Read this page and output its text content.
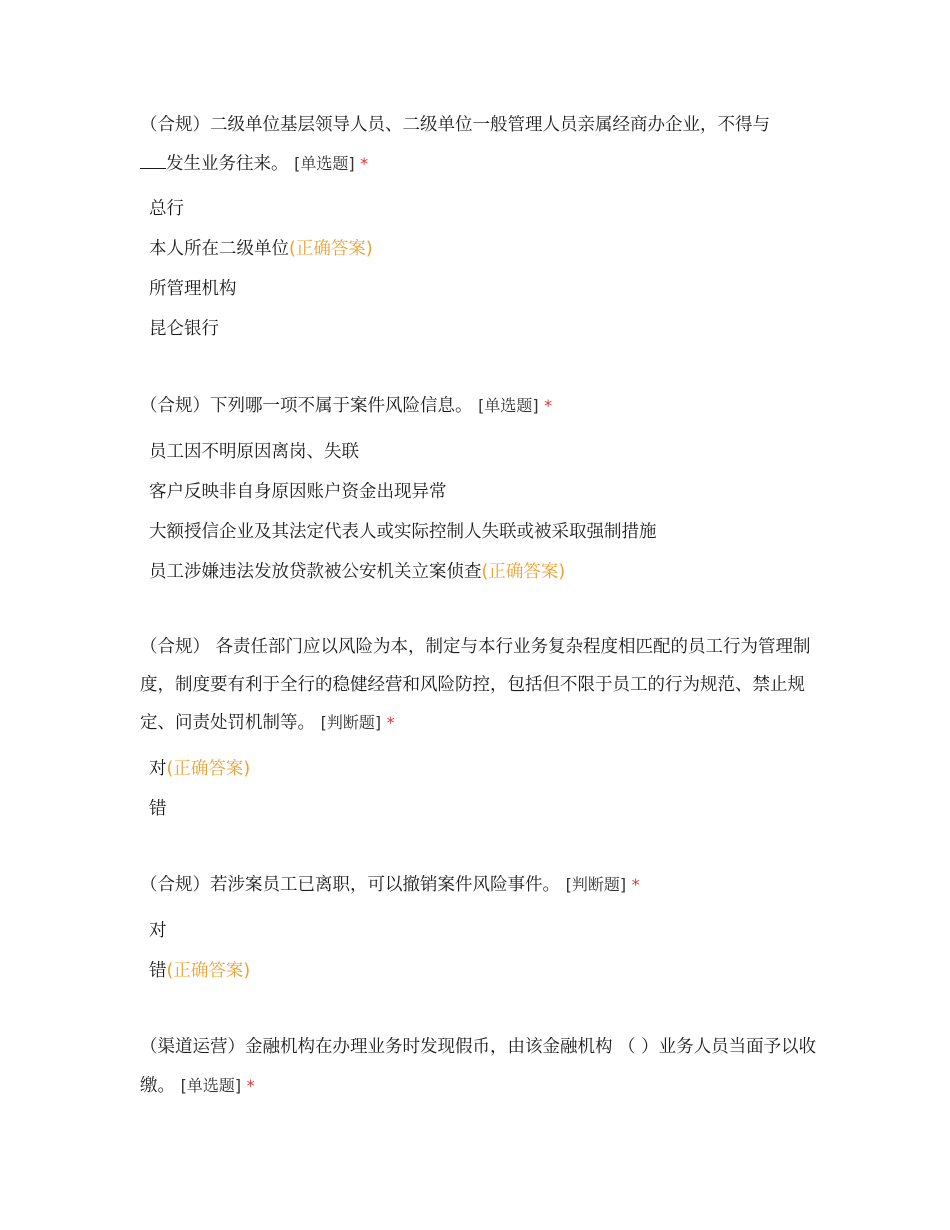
（合规）二级单位基层领导人员、二级单位一般管理人员亲属经商办企业，不得与
发生业务往来。 [单选题] *

总行
本人所在二级单位(正确答案)
所管理机构
昆仑银行

（合规）下列哪一项不属于案件风险信息。 [单选题] *

员工因不明原因离岗、失联
客户反映非自身原因账户资金出现异常
大额授信企业及其法定代表人或实际控制人失联或被采取强制措施
员工涉嫌违法发放贷款被公安机关立案侦查(正确答案)

（合规） 各责任部门应以风险为本，制定与本行业务复杂程度相匹配的员工行为管理制度，制度要有利于全行的稳健经营和风险防控，包括但不限于员工的行为规范、禁止规定、问责处罚机制等。 [判断题] *

对(正确答案)
错

（合规）若涉案员工已离职，可以撤销案件风险事件。 [判断题] *

对
错(正确答案)

（渠道运营）金融机构在办理业务时发现假币，由该金融机构 （ ）业务人员当面予以收缴。 [单选题] *
